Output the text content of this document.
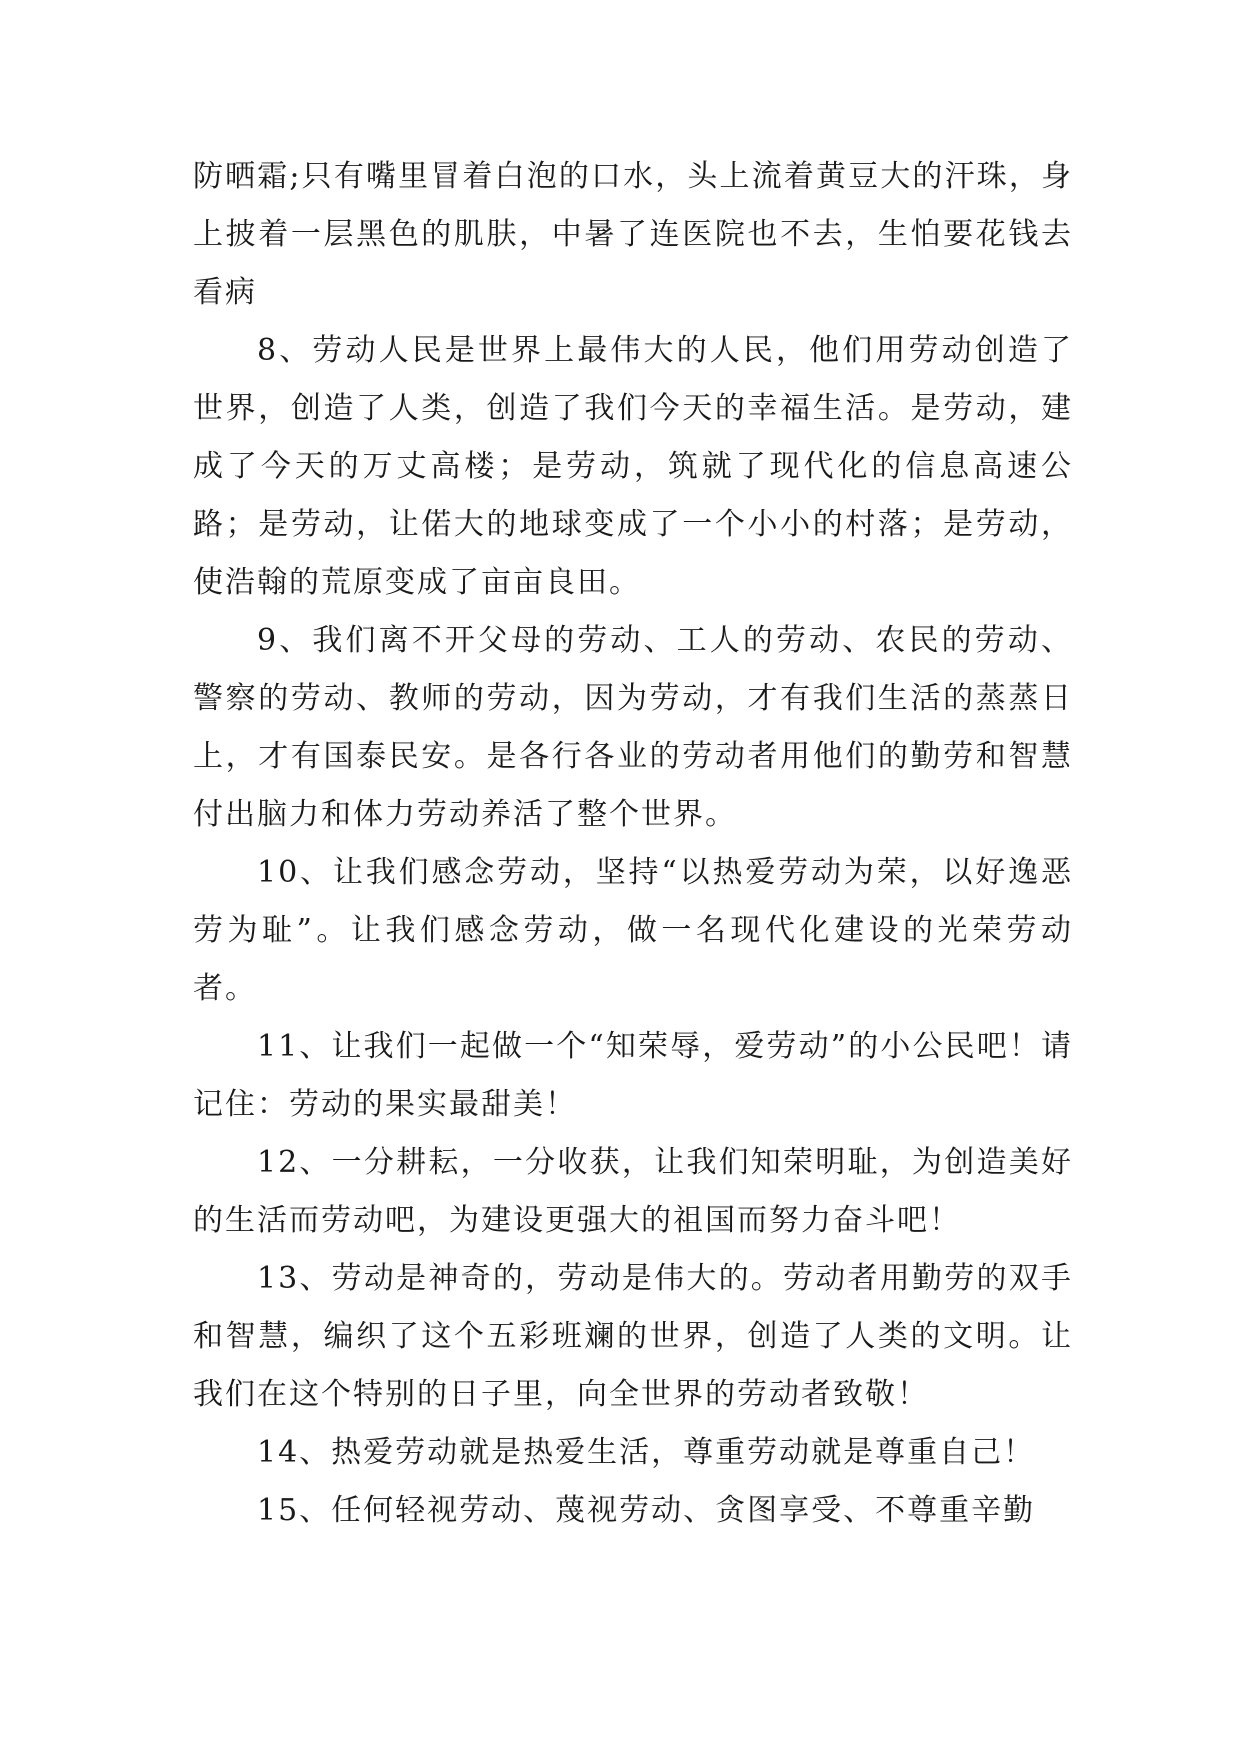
防晒霜;只有嘴里冒着白泡的口水，头上流着黄豆大的汗珠，身上披着一层黑色的肌肤，中暑了连医院也不去，生怕要花钱去看病

8、劳动人民是世界上最伟大的人民，他们用劳动创造了世界，创造了人类，创造了我们今天的幸福生活。是劳动，建成了今天的万丈高楼；是劳动，筑就了现代化的信息高速公路；是劳动，让偌大的地球变成了一个小小的村落；是劳动，使浩翰的荒原变成了亩亩良田。

9、我们离不开父母的劳动、工人的劳动、农民的劳动、警察的劳动、教师的劳动，因为劳动，才有我们生活的蒸蒸日上，才有国泰民安。是各行各业的劳动者用他们的勤劳和智慧付出脑力和体力劳动养活了整个世界。

10、让我们感念劳动，坚持“以热爱劳动为荣，以好逸恶劳为耻”。让我们感念劳动，做一名现代化建设的光荣劳动者。

11、让我们一起做一个“知荣辱，爱劳动”的小公民吧！请记住：劳动的果实最甜美！

12、一分耕耘，一分收获，让我们知荣明耻，为创造美好的生活而劳动吧，为建设更强大的祖国而努力奋斗吧！

13、劳动是神奇的，劳动是伟大的。劳动者用勤劳的双手和智慧，编织了这个五彩班斓的世界，创造了人类的文明。让我们在这个特别的日子里，向全世界的劳动者致敬！

14、热爱劳动就是热爱生活，尊重劳动就是尊重自己！

15、任何轻视劳动、蔑视劳动、贪图享受、不尊重辛勤
